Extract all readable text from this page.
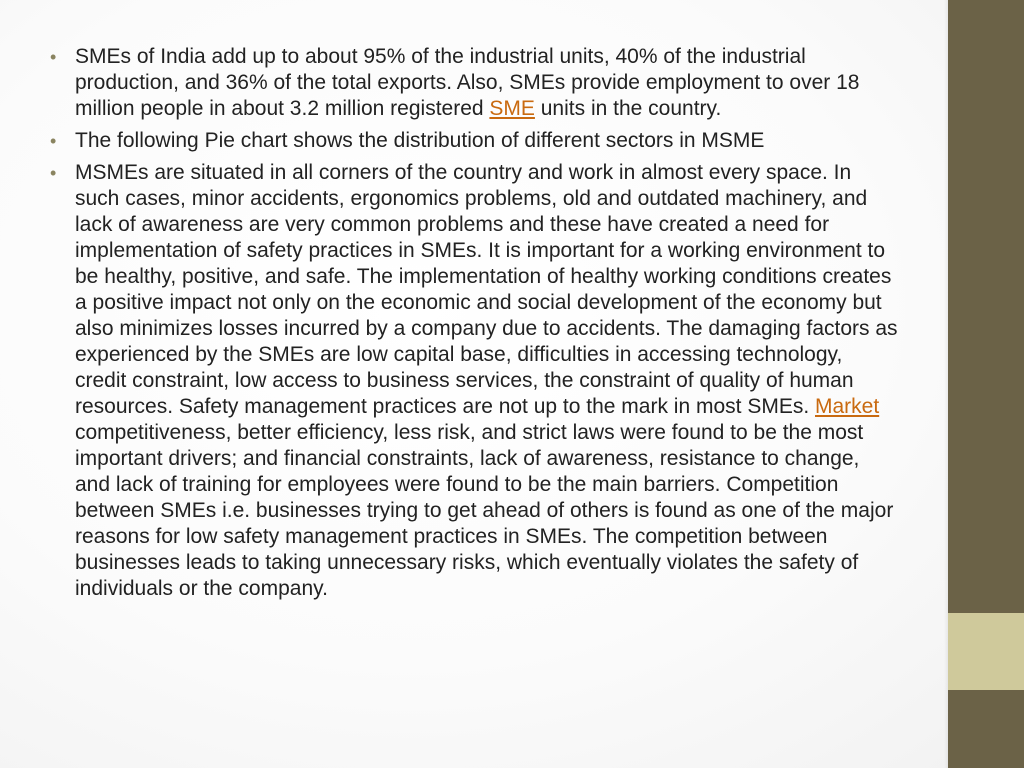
• SMEs of India add up to about 95% of the industrial units, 40% of the industrial production, and 36% of the total exports. Also, SMEs provide employment to over 18 million people in about 3.2 million registered SME units in the country.
• The following Pie chart shows the distribution of different sectors in MSME
• MSMEs are situated in all corners of the country and work in almost every space. In such cases, minor accidents, ergonomics problems, old and outdated machinery, and lack of awareness are very common problems and these have created a need for implementation of safety practices in SMEs. It is important for a working environment to be healthy, positive, and safe. The implementation of healthy working conditions creates a positive impact not only on the economic and social development of the economy but also minimizes losses incurred by a company due to accidents. The damaging factors as experienced by the SMEs are low capital base, difficulties in accessing technology, credit constraint, low access to business services, the constraint of quality of human resources. Safety management practices are not up to the mark in most SMEs. Market competitiveness, better efficiency, less risk, and strict laws were found to be the most important drivers; and financial constraints, lack of awareness, resistance to change, and lack of training for employees were found to be the main barriers. Competition between SMEs i.e. businesses trying to get ahead of others is found as one of the major reasons for low safety management practices in SMEs. The competition between businesses leads to taking unnecessary risks, which eventually violates the safety of individuals or the company.
